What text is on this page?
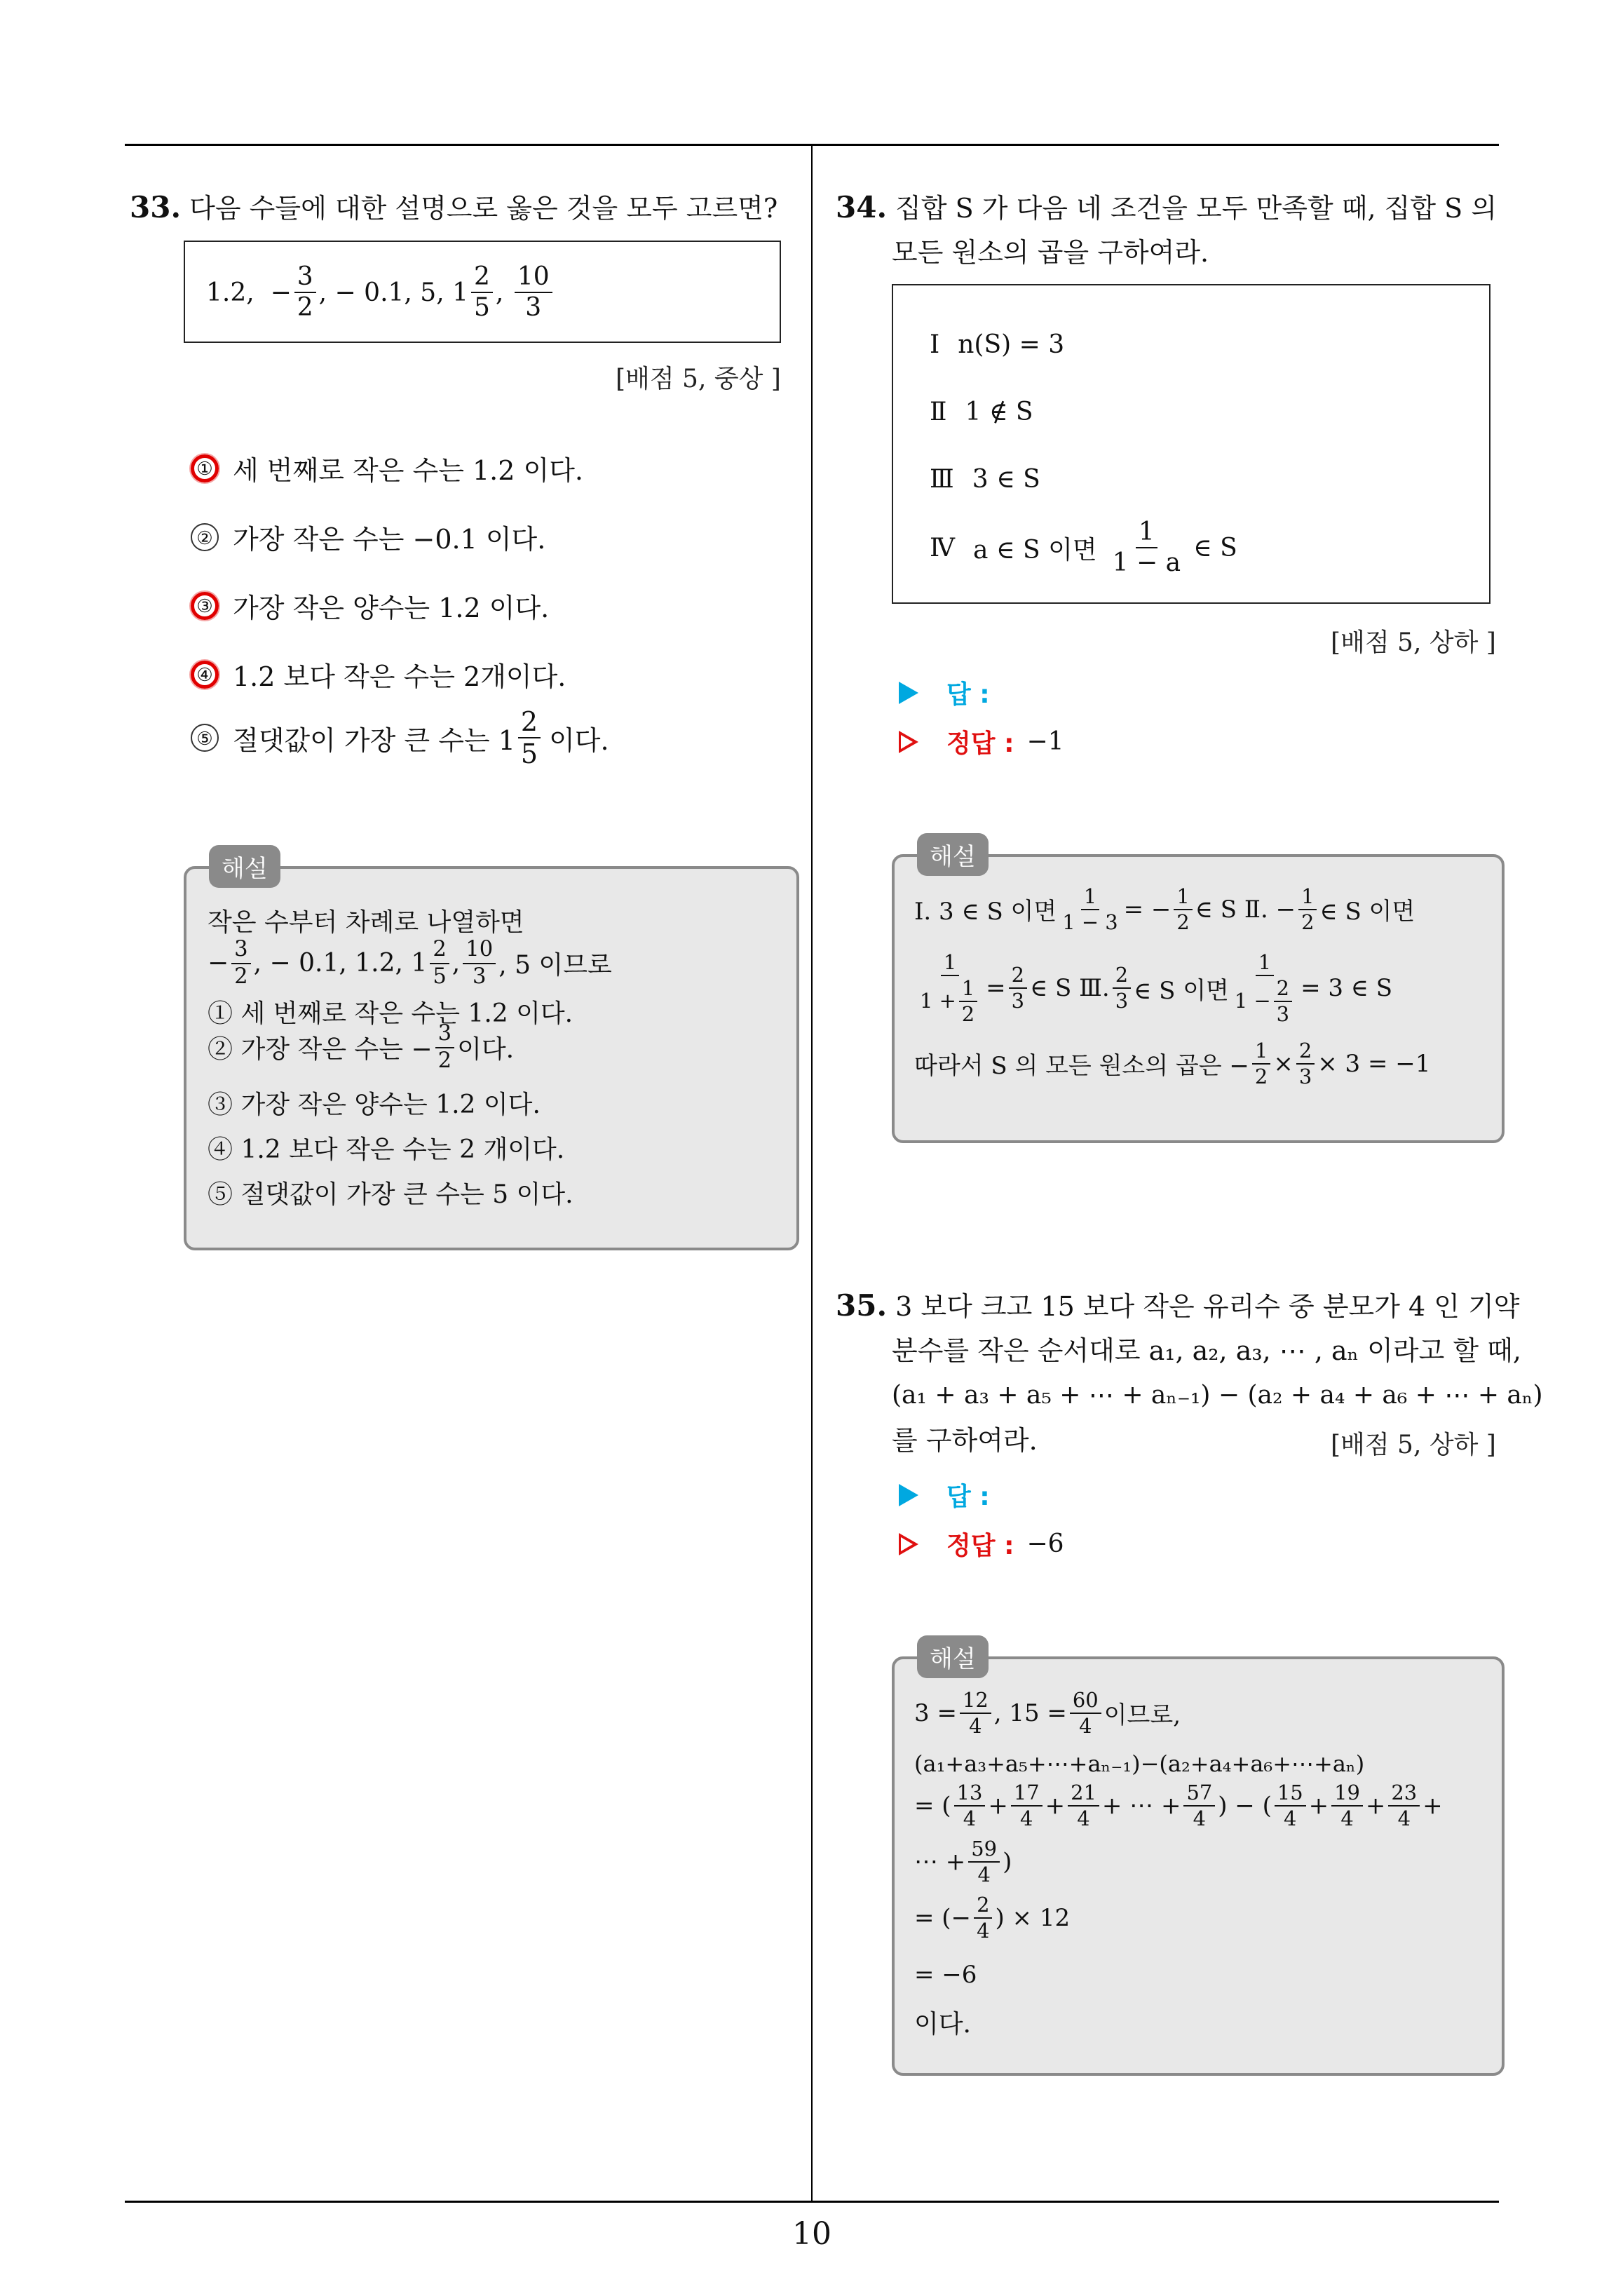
10
33. 다음 수들에 대한 설명으로 옳은 것을 모두 고르면?
1.2,
− $\frac{3}{2}$ , − 0.1, 5, $1 \frac{2}{5}$ ,
$\frac{10}{3}$
[배점 5, 중상 ]
① 세 번째로 작은 수는 1.2 이다.
② 가장 작은 수는 −0.1 이다.
③ 가장 작은 양수는 1.2 이다.
④ 1.2 보다 작은 수는 2개이다.
⑤ 절댓값이 가장 큰 수는 $1 \frac{2}{5}$ 이다.
작은 수부터 차례로 나열하면
− $\frac{3}{2}$ , − 0.1, 1.2, $1 \frac{2}{5}$ , $\frac{10}{3}$ , 5 이므로
① 세 번째로 작은 수는 1.2 이다.
② 가장 작은 수는 − $\frac{3}{2}$ 이다.
③ 가장 작은 양수는 1.2 이다.
④ 1.2 보다 작은 수는 2 개이다.
⑤ 절댓값이 가장 큰 수는 5 이다.
해설
34. 집합 S 가 다음 네 조건을 모두 만족할 때, 집합 S 의
모든 원소의 곱을 구하여라.
Ⅰ n(S) = 3
Ⅱ 1 ∉ S
Ⅲ 3 ∈ S
Ⅳ a ∈ S 이면 $\frac{1}{1 - a}$ ∈ S
[배점 5, 상하 ]
답 :
정답 : −1
Ⅰ. 3 ∈ S 이면 $\frac{1}{1 - 3}$ = − $\frac{1}{2}$ ∈ S Ⅱ. − $\frac{1}{2}$ ∈ S 이면
$\frac{1}{1 + \frac{1}{2}} = \frac{2}{3}$ ∈ S Ⅲ. $\frac{2}{3}$ ∈ S 이면 $\frac{1}{1 - \frac{2}{3}} = 3$ ∈ S
따라서 S 의 모든 원소의 곱은 − $\frac{1}{2} \times \frac{2}{3} \times 3 = -1$
해설
35. 3 보다 크고 15 보다 작은 유리수 중 분모가 4 인 기약
분수를 작은 순서대로 a₁, a₂, a₃, ⋯ , aₙ 이라고 할 때,
(a₁ + a₃ + a₅ + ⋯ + aₙ₋₁) − (a₂ + a₄ + a₆ + ⋯ + aₙ)
를 구하여라.	[배점 5, 상하 ]
답 :
정답 : −6
$3 = \frac{12}{4}$ , $15 = \frac{60}{4}$ 이므로,
(a₁+a₃+a₅+⋯+aₙ₋₁)−(a₂+a₄+a₆+⋯+aₙ)
= ( $\frac{13}{4} + \frac{17}{4} + \frac{21}{4}$ + ⋯ + $\frac{57}{4}$ ) − ( $\frac{15}{4} + \frac{19}{4} + \frac{23}{4}$ +
⋯ + $\frac{59}{4}$ )
= (− $\frac{2}{4}$ ) × 12
= −6
이다.
해설
